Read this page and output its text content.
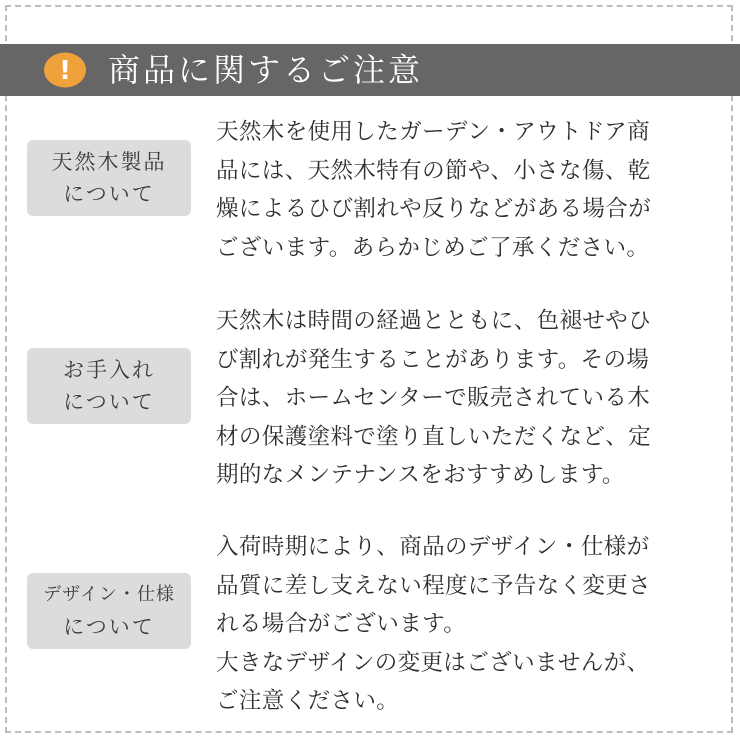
! 商品に関するご注意
天然木製品
について
天然木を使用したガーデン・アウトドア商
品には、天然木特有の節や、小さな傷、乾
燥によるひび割れや反りなどがある場合が
ございます。あらかじめご了承ください。
お手入れ
について
天然木は時間の経過とともに、色褪せやひ
び割れが発生することがあります。その場
合は、ホームセンターで販売されている木
材の保護塗料で塗り直しいただくなど、定
期的なメンテナンスをおすすめします。
デザイン・仕様
について
入荷時期により、商品のデザイン・仕様が
品質に差し支えない程度に予告なく変更さ
れる場合がございます。
大きなデザインの変更はございませんが、
ご注意ください。
